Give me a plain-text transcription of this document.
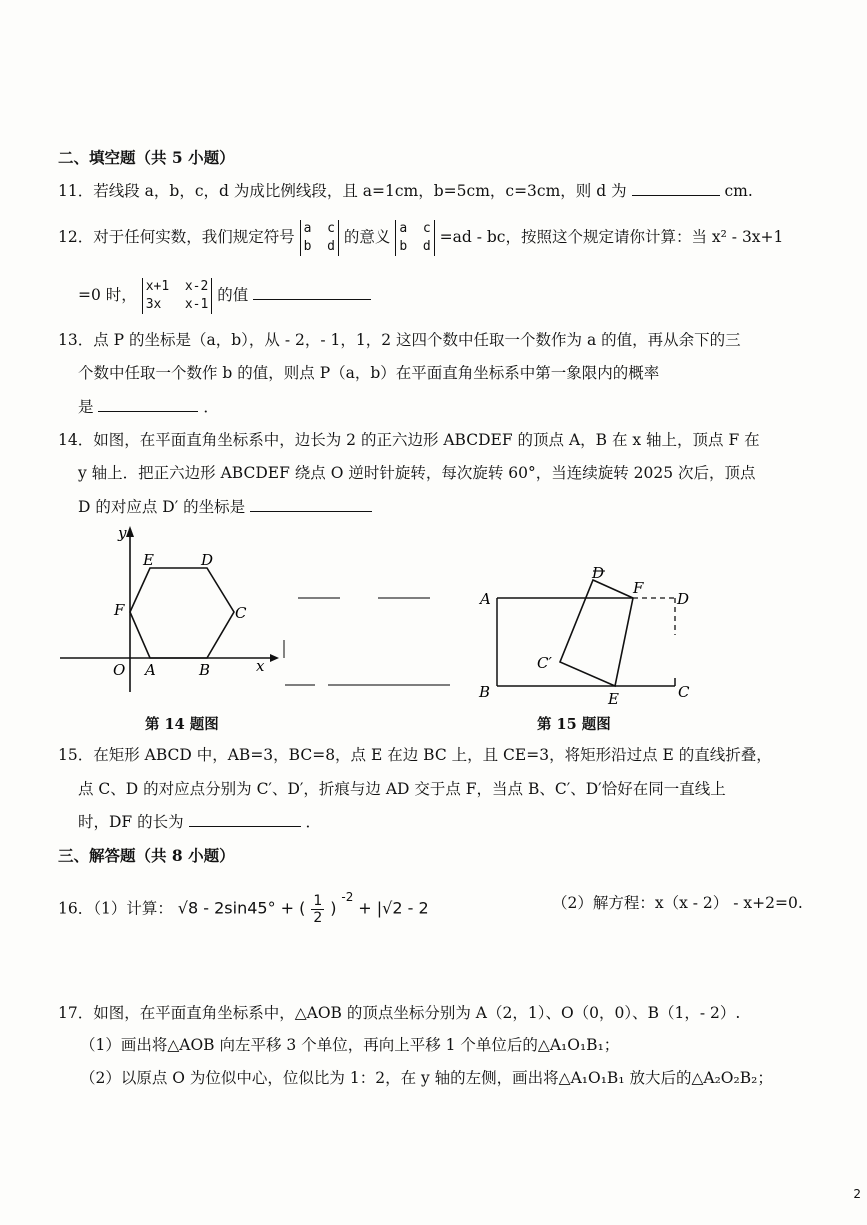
二、填空题（共 5 小题）
11．若线段 a，b，c，d 为成比例线段，且 a=1cm，b=5cm，c=3cm，则 d 为	cm.
12．对于任何实数，我们规定符号 a  c
b  d
的意义 a  c
b  d
=ad - bc，按照这个规定请你计算：当 x² - 3x+1
=0 时， x+1  x-2
3x   x-1
的值
13．点 P 的坐标是（a，b），从 - 2，- 1，1，2 这四个数中任取一个数作为 a 的值，再从余下的三
个数中任取一个数作 b 的值，则点 P（a，b）在平面直角坐标系中第一象限内的概率
是	．
14．如图，在平面直角坐标系中，边长为 2 的正六边形 ABCDEF 的顶点 A，B 在 x 轴上，顶点 F 在
y 轴上．把正六边形 ABCDEF 绕点 O 逆时针旋转，每次旋转 60°，当连续旋转 2025 次后，顶点
D 的对应点 D′ 的坐标是
y
x
O A	B
C
D
E
F
A
B	C
D
E
F
D
C′
第 14 题图	第 15 题图
15．在矩形 ABCD 中，AB=3，BC=8，点 E 在边 BC 上，且 CE=3，将矩形沿过点 E 的直线折叠，
点 C、D 的对应点分别为 C′、D′，折痕与边 AD 交于点 F，当点 B、C′、D′恰好在同一直线上
时，DF 的长为	．
三、解答题（共 8 小题）
16．（1）计算： √8 - 2sin45° + ( $\frac{1}{2}$ ) $^{-2}$ + |√2 - 2	（2）解方程：x（x - 2） - x+2=0.
17．如图，在平面直角坐标系中，△AOB 的顶点坐标分别为 A（2，1）、O（0，0）、B（1，- 2）.
（1）画出将△AOB 向左平移 3 个单位，再向上平移 1 个单位后的△A₁O₁B₁；
（2）以原点 O 为位似中心，位似比为 1：2，在 y 轴的左侧，画出将△A₁O₁B₁ 放大后的△A₂O₂B₂；
2
